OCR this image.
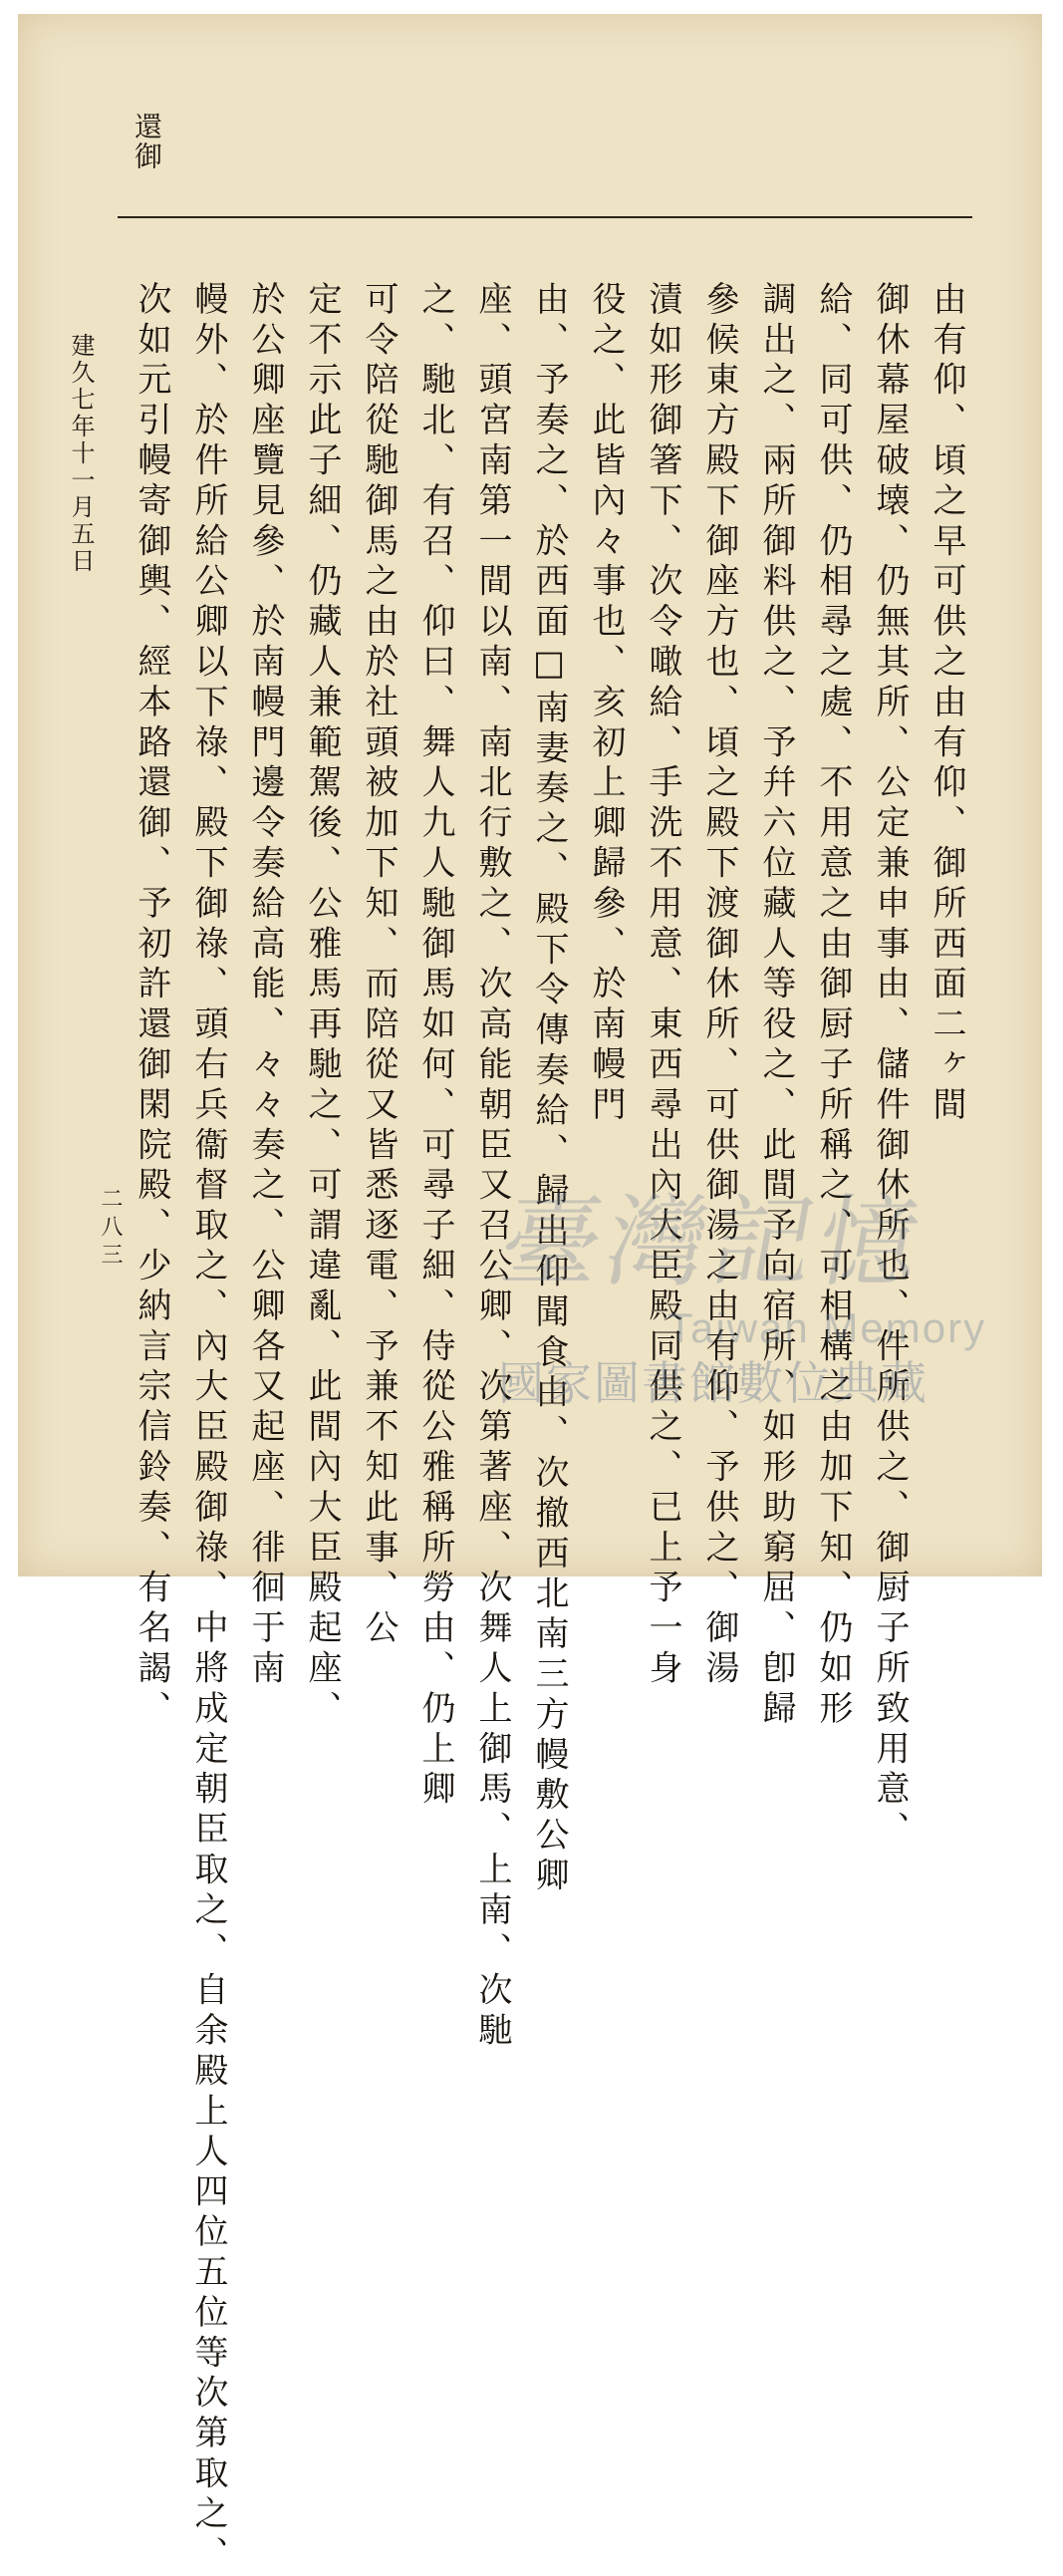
還御
由有仰、頃之早可供之由有仰、御所西面二ヶ間
御休幕屋破壊、仍無其所、公定兼申事由、儲件御休所也、件所供之、御厨子所致用意、
給、同可供、仍相尋之處、不用意之由御厨子所稱之、可相構之由加下知、仍如形
調出之、兩所御料供之、予幷六位藏人等役之、此間予向宿所、如形助窮屈、卽歸
參候東方殿下御座方也、頃之殿下渡御休所、可供御湯之由有仰、予供之、御湯
漬如形御箸下、次令噉給、手洗不用意、東西尋出內大臣殿同供之、已上予一身
役之、此皆內々事也、亥初上卿歸參、於南幔門
由、予奏之、於西面□南妻奏之、殿下令傳奏給、歸出仰聞食由、次撤西北南三方幔敷公卿
座、頭宮南第一間以南、南北行敷之、次高能朝臣又召公卿、次第著座、次舞人上御馬、上南、次馳
之、馳北、有召、仰曰、舞人九人馳御馬如何、可尋子細、侍從公雅稱所勞由、仍上卿
可令陪從馳御馬之由於社頭被加下知、而陪從又皆悉逐電、予兼不知此事、公
定不示此子細、仍藏人兼範駕後、公雅馬再馳之、可謂違亂、此間內大臣殿起座、
於公卿座覽見參、於南幔門邊令奏給高能、々々奏之、公卿各又起座、徘徊于南
幔外、於件所給公卿以下祿、殿下御祿、頭右兵衞督取之、內大臣殿御祿、中將成定朝臣取之、自余殿上人四位五位等次第取之、
次如元引幔寄御輿、經本路還御、予初許還御閑院殿、少納言宗信鈴奏、有名謁、
建久七年十一月五日
二八三	臺灣記憶
Taiwan Memory
國家圖書館數位典藏
